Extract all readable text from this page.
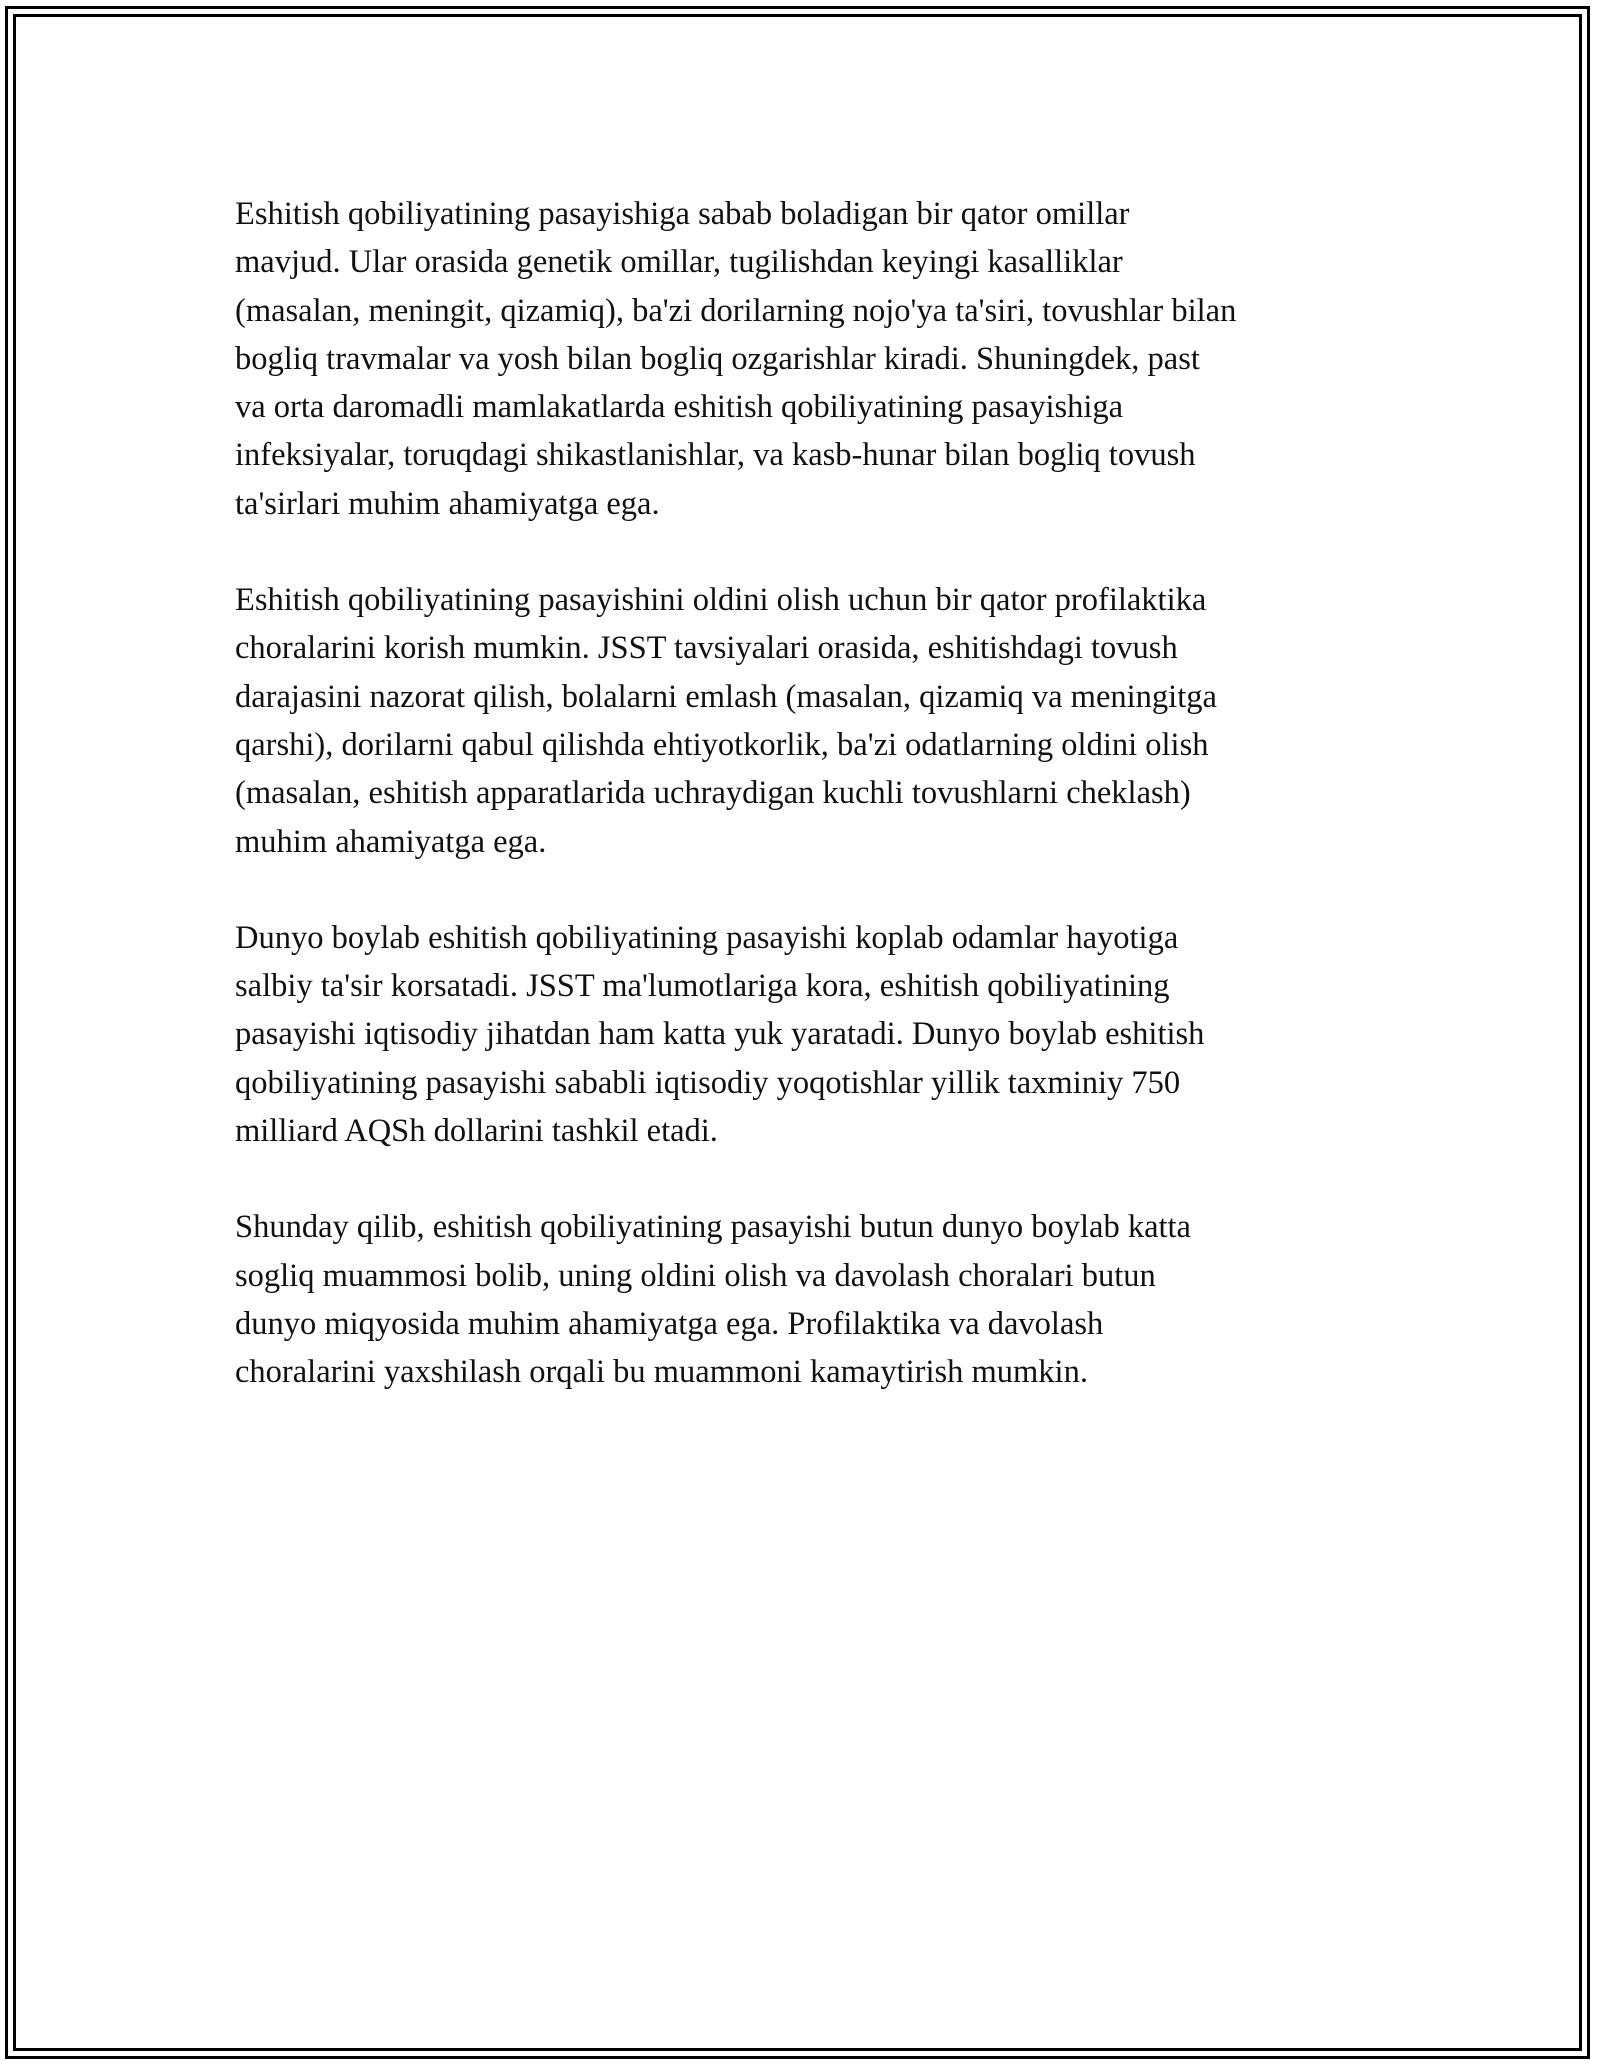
Eshitish qobiliyatining pasayishiga sabab boladigan bir qator omillar
mavjud. Ular orasida genetik omillar, tugilishdan keyingi kasalliklar
(masalan, meningit, qizamiq), ba'zi dorilarning nojo'ya ta'siri, tovushlar bilan
bogliq travmalar va yosh bilan bogliq ozgarishlar kiradi. Shuningdek, past
va orta daromadli mamlakatlarda eshitish qobiliyatining pasayishiga
infeksiyalar, toruqdagi shikastlanishlar, va kasb-hunar bilan bogliq tovush
ta'sirlari muhim ahamiyatga ega.

Eshitish qobiliyatining pasayishini oldini olish uchun bir qator profilaktika
choralarini korish mumkin. JSST tavsiyalari orasida, eshitishdagi tovush
darajasini nazorat qilish, bolalarni emlash (masalan, qizamiq va meningitga
qarshi), dorilarni qabul qilishda ehtiyotkorlik, ba'zi odatlarning oldini olish
(masalan, eshitish apparatlarida uchraydigan kuchli tovushlarni cheklash)
muhim ahamiyatga ega.

Dunyo boylab eshitish qobiliyatining pasayishi koplab odamlar hayotiga
salbiy ta'sir korsatadi. JSST ma'lumotlariga kora, eshitish qobiliyatining
pasayishi iqtisodiy jihatdan ham katta yuk yaratadi. Dunyo boylab eshitish
qobiliyatining pasayishi sababli iqtisodiy yoqotishlar yillik taxminiy 750
milliard AQSh dollarini tashkil etadi.

Shunday qilib, eshitish qobiliyatining pasayishi butun dunyo boylab katta
sogliq muammosi bolib, uning oldini olish va davolash choralari butun
dunyo miqyosida muhim ahamiyatga ega. Profilaktika va davolash
choralarini yaxshilash orqali bu muammoni kamaytirish mumkin.
